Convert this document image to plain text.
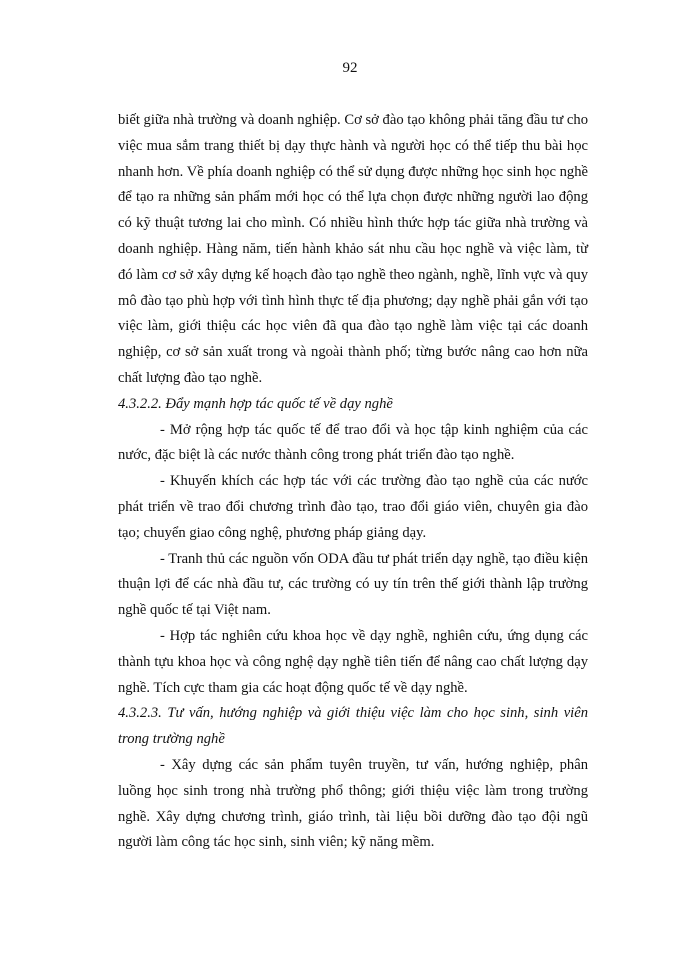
92

biết giữa nhà trường và doanh nghiệp. Cơ sở đào tạo không phải tăng đầu tư cho việc mua sắm trang thiết bị dạy thực hành và người học có thể tiếp thu bài học nhanh hơn. Về phía doanh nghiệp có thể sử dụng được những học sinh học nghề để tạo ra những sản phẩm mới học có thể lựa chọn được những người lao động có kỹ thuật tương lai cho mình. Có nhiều hình thức hợp tác giữa nhà trường và doanh nghiệp. Hàng năm, tiến hành khảo sát nhu cầu học nghề và việc làm, từ đó làm cơ sở xây dựng kế hoạch đào tạo nghề theo ngành, nghề, lĩnh vực và quy mô đào tạo phù hợp với tình hình thực tế địa phương; dạy nghề phải gắn với tạo việc làm, giới thiệu các học viên đã qua đào tạo nghề làm việc tại các doanh nghiệp, cơ sở sản xuất trong và ngoài thành phố; từng bước nâng cao hơn nữa chất lượng đào tạo nghề.

4.3.2.2. Đẩy mạnh hợp tác quốc tế về dạy nghề

- Mở rộng hợp tác quốc tế để trao đổi và học tập kinh nghiệm của các nước, đặc biệt là các nước thành công trong phát triển đào tạo nghề.

- Khuyến khích các hợp tác với các trường đào tạo nghề của các nước phát triển về trao đổi chương trình đào tạo, trao đổi giáo viên, chuyên gia đào tạo; chuyển giao công nghệ, phương pháp giảng dạy.

- Tranh thủ các nguồn vốn ODA đầu tư phát triển dạy nghề, tạo điều kiện thuận lợi để các nhà đầu tư, các trường có uy tín trên thế giới thành lập trường nghề quốc tế tại Việt nam.

- Hợp tác nghiên cứu khoa học về dạy nghề, nghiên cứu, ứng dụng các thành tựu khoa học và công nghệ dạy nghề tiên tiến để nâng cao chất lượng dạy nghề. Tích cực tham gia các hoạt động quốc tế về dạy nghề.

4.3.2.3. Tư vấn, hướng nghiệp và giới thiệu việc làm cho học sinh, sinh viên trong trường nghề

- Xây dựng các sản phẩm tuyên truyền, tư vấn, hướng nghiệp, phân luồng học sinh trong nhà trường phổ thông; giới thiệu việc làm trong trường nghề. Xây dựng chương trình, giáo trình, tài liệu bồi dưỡng đào tạo đội ngũ người làm công tác học sinh, sinh viên; kỹ năng mềm.
